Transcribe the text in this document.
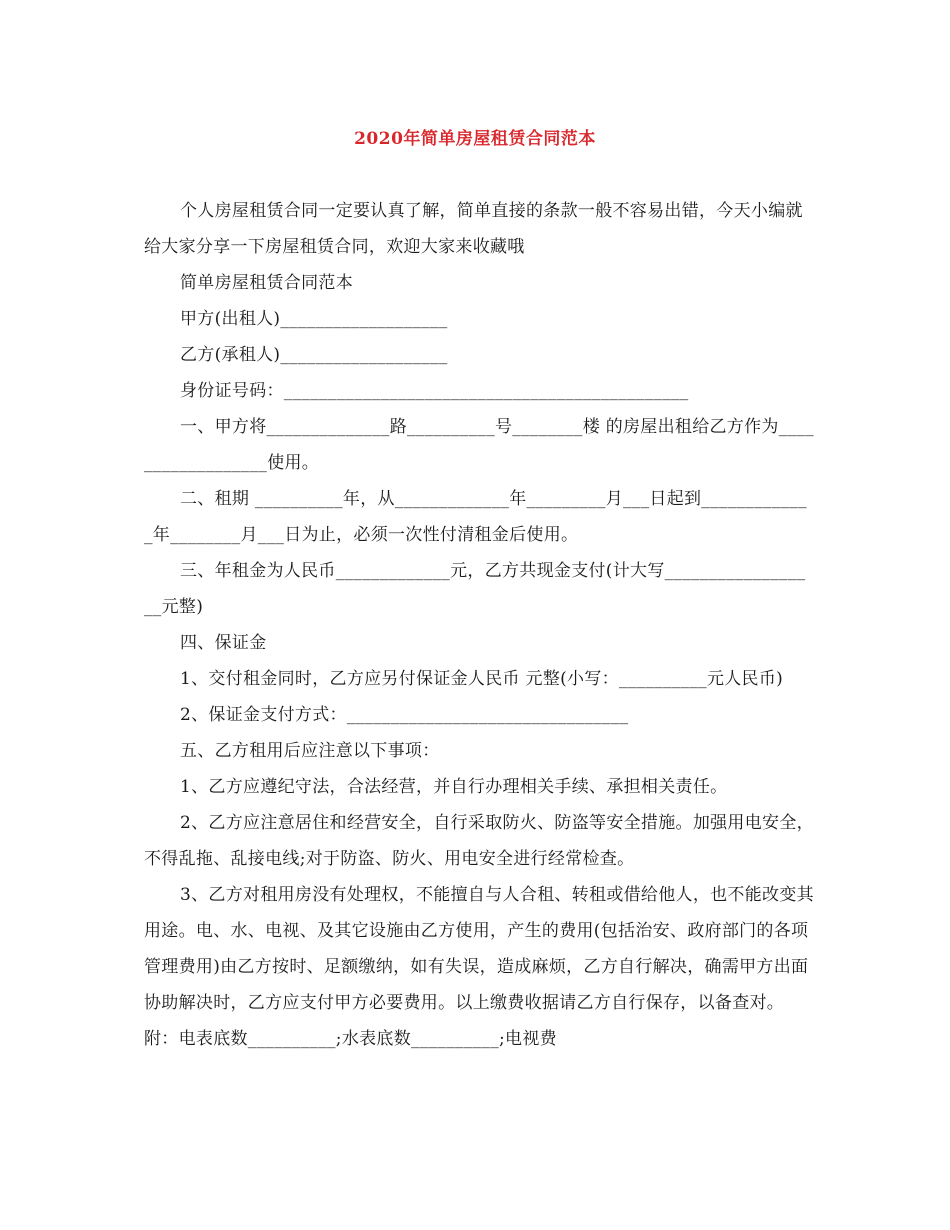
2020年简单房屋租赁合同范本

个人房屋租赁合同一定要认真了解，简单直接的条款一般不容易出错，今天小编就给大家分享一下房屋租赁合同，欢迎大家来收藏哦

简单房屋租赁合同范本

甲方(出租人)___________________

乙方(承租人)___________________

身份证号码：______________________________________________

一、甲方将______________路__________号________楼 的房屋出租给乙方作为__________________使用。

二、租期 __________年，从_____________年_________月___日起到_____________年________月___日为止，必须一次性付清租金后使用。

三、年租金为人民币_____________元，乙方共现金支付(计大写__________________元整)

四、保证金

1、交付租金同时，乙方应另付保证金人民币 元整(小写：__________元人民币)

2、保证金支付方式：________________________________

五、乙方租用后应注意以下事项：

1、乙方应遵纪守法，合法经营，并自行办理相关手续、承担相关责任。

2、乙方应注意居住和经营安全，自行采取防火、防盗等安全措施。加强用电安全，不得乱拖、乱接电线;对于防盗、防火、用电安全进行经常检查。

3、乙方对租用房没有处理权，不能擅自与人合租、转租或借给他人，也不能改变其用途。电、水、电视、及其它设施由乙方使用，产生的费用(包括治安、政府部门的各项管理费用)由乙方按时、足额缴纳，如有失误，造成麻烦，乙方自行解决，确需甲方出面协助解决时，乙方应支付甲方必要费用。以上缴费收据请乙方自行保存，以备查对。附：电表底数__________;水表底数__________;电视费
